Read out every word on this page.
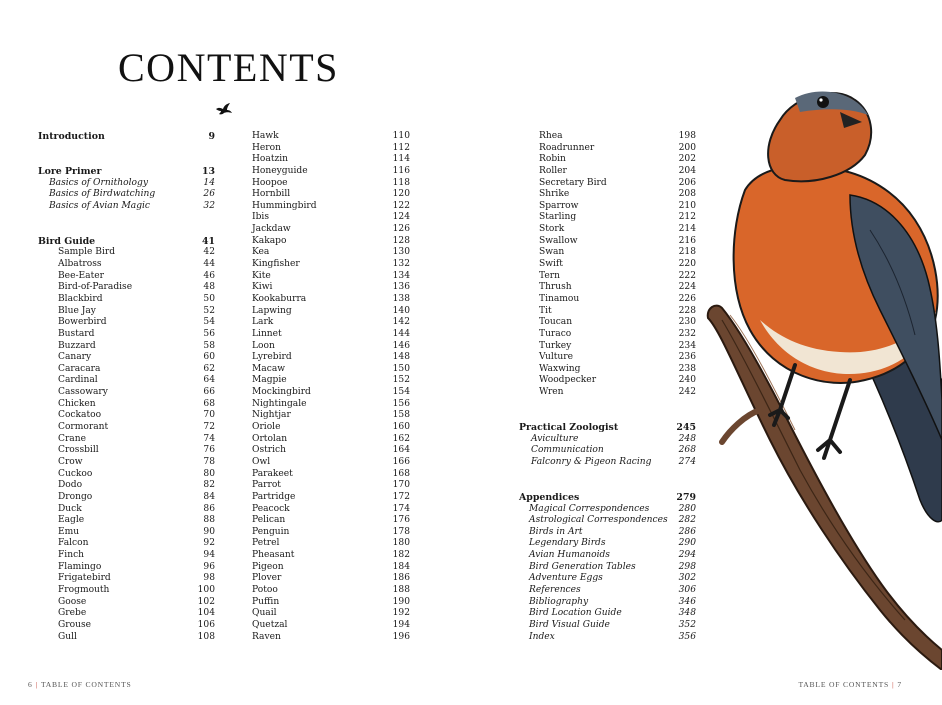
CONTENTS
Introduction	9
Lore Primer	13
Basics of Ornithology	14
Basics of Birdwatching	26
Basics of Avian Magic	32
Bird Guide	41
Sample Bird	42
Albatross	44
Bee-Eater	46
Bird-of-Paradise	48
Blackbird	50
Blue Jay	52
Bowerbird	54
Bustard	56
Buzzard	58
Canary	60
Caracara	62
Cardinal	64
Cassowary	66
Chicken	68
Cockatoo	70
Cormorant	72
Crane	74
Crossbill	76
Crow	78
Cuckoo	80
Dodo	82
Drongo	84
Duck	86
Eagle	88
Emu	90
Falcon	92
Finch	94
Flamingo	96
Frigatebird	98
Frogmouth	100
Goose	102
Grebe	104
Grouse	106
Gull	108
Hawk	110
Heron	112
Hoatzin	114
Honeyguide	116
Hoopoe	118
Hornbill	120
Hummingbird	122
Ibis	124
Jackdaw	126
Kakapo	128
Kea	130
Kingfisher	132
Kite	134
Kiwi	136
Kookaburra	138
Lapwing	140
Lark	142
Linnet	144
Loon	146
Lyrebird	148
Macaw	150
Magpie	152
Mockingbird	154
Nightingale	156
Nightjar	158
Oriole	160
Ortolan	162
Ostrich	164
Owl	166
Parakeet	168
Parrot	170
Partridge	172
Peacock	174
Pelican	176
Penguin	178
Petrel	180
Pheasant	182
Pigeon	184
Plover	186
Potoo	188
Puffin	190
Quail	192
Quetzal	194
Raven	196
Rhea	198
Roadrunner	200
Robin	202
Roller	204
Secretary Bird	206
Shrike	208
Sparrow	210
Starling	212
Stork	214
Swallow	216
Swan	218
Swift	220
Tern	222
Thrush	224
Tinamou	226
Tit	228
Toucan	230
Turaco	232
Turkey	234
Vulture	236
Waxwing	238
Woodpecker	240
Wren	242
Practical Zoologist	245
Aviculture	248
Communication	268
Falconry & Pigeon Racing	274
Appendices	279
Magical Correspondences	280
Astrological Correspondences 282
Birds in Art	286
Legendary Birds	290
Avian Humanoids	294
Bird Generation Tables	298
Adventure Eggs	302
References	306
Bibliography	346
Bird Location Guide	348
Bird Visual Guide	352
Index	356
6 | TABLE OF CONTENTS	TABLE OF CONTENTS | 7
